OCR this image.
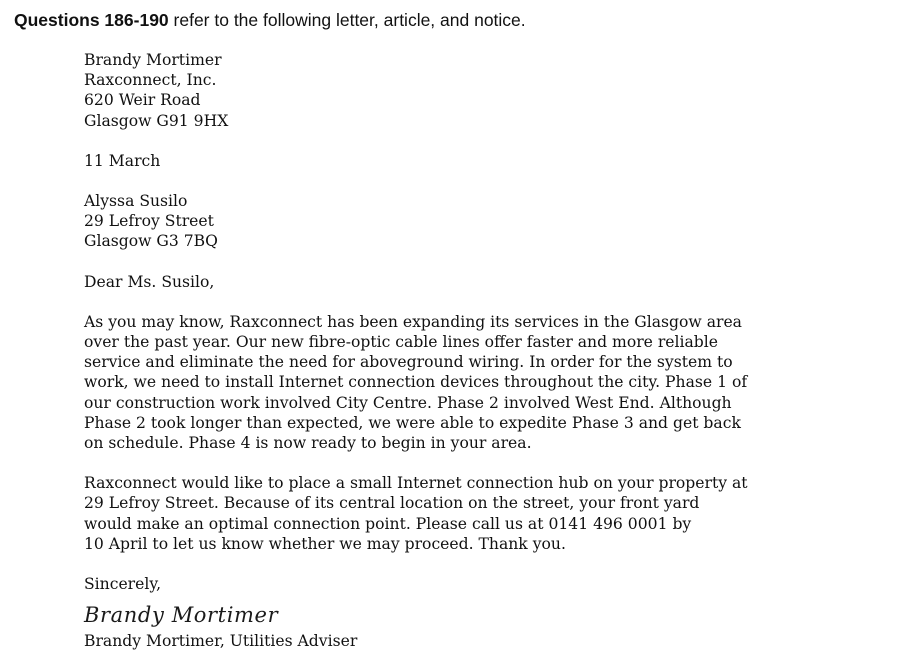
Questions 186-190 refer to the following letter, article, and notice.
Brandy Mortimer
Raxconnect, Inc.
620 Weir Road
Glasgow G91 9HX
11 March
Alyssa Susilo
29 Lefroy Street
Glasgow G3 7BQ
Dear Ms. Susilo,
As you may know, Raxconnect has been expanding its services in the Glasgow area
over the past year. Our new fibre-optic cable lines offer faster and more reliable
service and eliminate the need for aboveground wiring. In order for the system to
work, we need to install Internet connection devices throughout the city. Phase 1 of
our construction work involved City Centre. Phase 2 involved West End. Although
Phase 2 took longer than expected, we were able to expedite Phase 3 and get back
on schedule. Phase 4 is now ready to begin in your area.
Raxconnect would like to place a small Internet connection hub on your property at
29 Lefroy Street. Because of its central location on the street, your front yard
would make an optimal connection point. Please call us at 0141 496 0001 by
10 April to let us know whether we may proceed. Thank you.
Sincerely,
Brandy Mortimer
Brandy Mortimer, Utilities Adviser
